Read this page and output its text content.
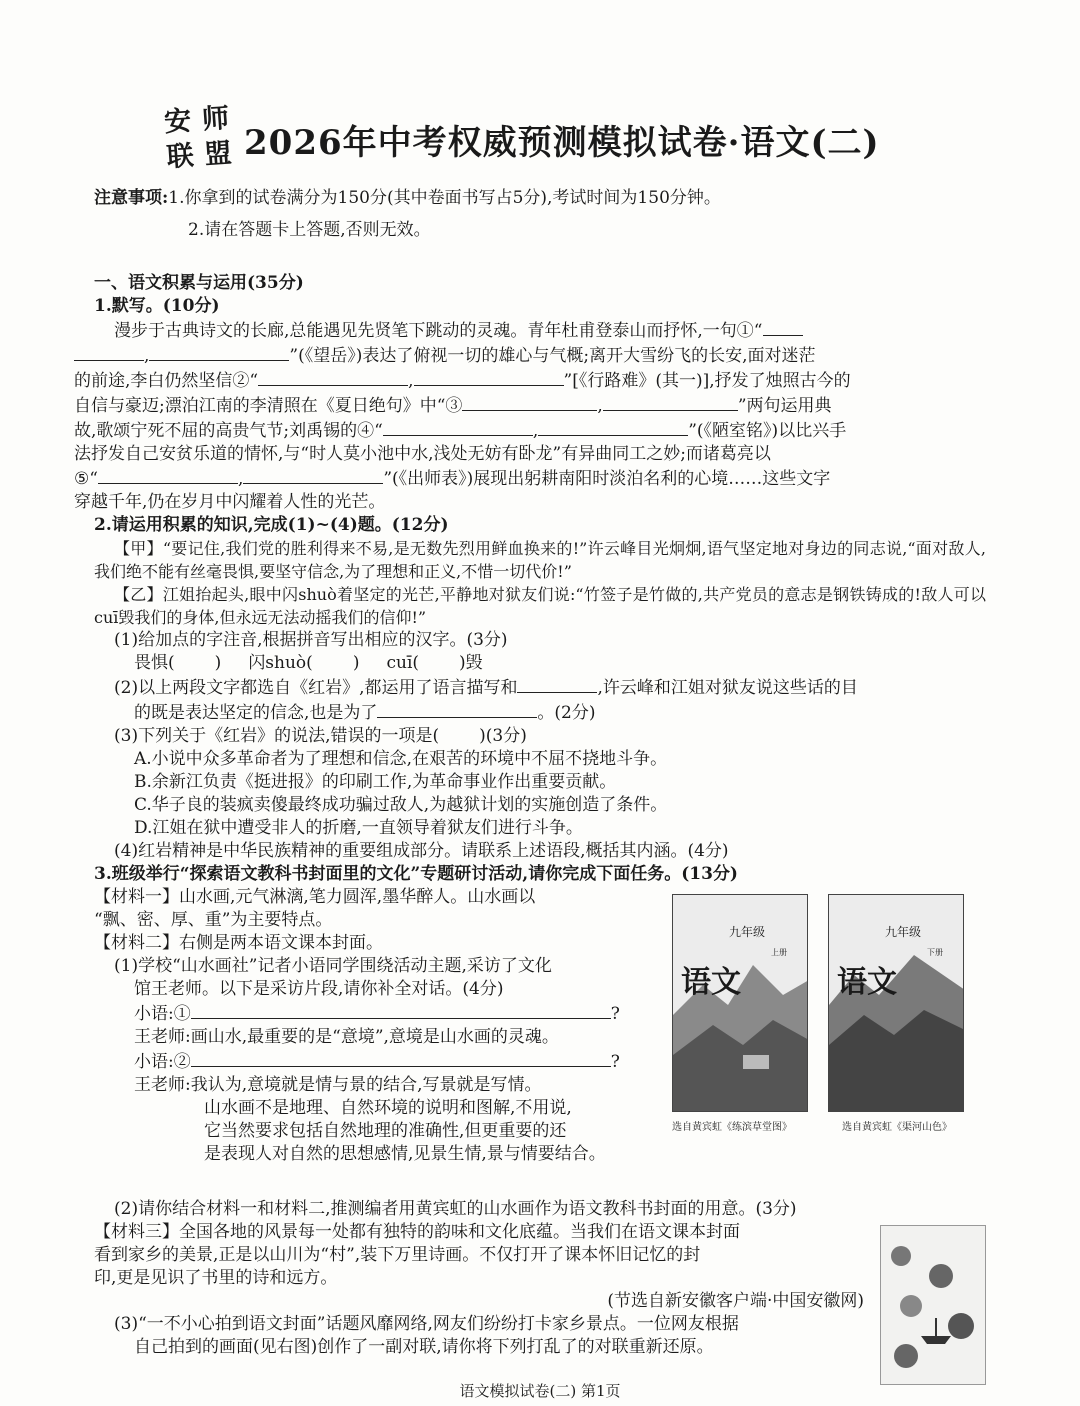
安 师
联 盟 2026年中考权威预测模拟试卷·语文(二)
注意事项:1.你拿到的试卷满分为150分(其中卷面书写占5分),考试时间为150分钟。
2.请在答题卡上答题,否则无效。
一、语文积累与运用(35分)
1.默写。(10分)
漫步于古典诗文的长廊,总能遇见先贤笔下跳动的灵魂。青年杜甫登泰山而抒怀,一句①“
,	”(《望岳》)表达了俯视一切的雄心与气概;离开大雪纷飞的长安,面对迷茫
的前途,李白仍然坚信②“	,	”[《行路难》(其一)],抒发了烛照古今的
自信与豪迈;漂泊江南的李清照在《夏日绝句》中“③	,	”两句运用典
故,歌颂宁死不屈的高贵气节;刘禹锡的④“	,	”(《陋室铭》)以比兴手
法抒发自己安贫乐道的情怀,与“时人莫小池中水,浅处无妨有卧龙”有异曲同工之妙;而诸葛亮以
⑤“	,	”(《出师表》)展现出躬耕南阳时淡泊名利的心境……这些文字
穿越千年,仍在岁月中闪耀着人性的光芒。
2.请运用积累的知识,完成(1)~(4)题。(12分)
【甲】“要记住,我们党的胜利得来不易,是无数先烈用鲜血换来的!”许云峰目光炯炯,语气坚定地对身边的同志说,“面对敌人,我们绝不能有丝毫畏惧,要坚守信念,为了理想和正义,不惜一切代价!”
【乙】江姐抬起头,眼中闪shuò着坚定的光芒,平静地对狱友们说:“竹签子是竹做的,共产党员的意志是钢铁铸成的!敌人可以cuī毁我们的身体,但永远无法动摇我们的信仰!”
(1)给加点的字注音,根据拼音写出相应的汉字。(3分)
畏惧( ) 闪shuò( ) cuī( )毁
(2)以上两段文字都选自《红岩》,都运用了语言描写和	,许云峰和江姐对狱友说这些话的目
的既是表达坚定的信念,也是为了	。(2分)
(3)下列关于《红岩》的说法,错误的一项是( )(3分)
A.小说中众多革命者为了理想和信念,在艰苦的环境中不屈不挠地斗争。
B.余新江负责《挺进报》的印刷工作,为革命事业作出重要贡献。
C.华子良的装疯卖傻最终成功骗过敌人,为越狱计划的实施创造了条件。
D.江姐在狱中遭受非人的折磨,一直领导着狱友们进行斗争。
(4)红岩精神是中华民族精神的重要组成部分。请联系上述语段,概括其内涵。(4分)
3.班级举行“探索语文教科书封面里的文化”专题研讨活动,请你完成下面任务。(13分)
【材料一】山水画,元气淋漓,笔力圆浑,墨华醉人。山水画以
“飘、密、厚、重”为主要特点。
【材料二】右侧是两本语文课本封面。
(1)学校“山水画社”记者小语同学围绕活动主题,采访了文化
馆王老师。以下是采访片段,请你补全对话。(4分)
小语:①	?
王老师:画山水,最重要的是“意境”,意境是山水画的灵魂。
小语:②	?
王老师:我认为,意境就是情与景的结合,写景就是写情。
山水画不是地理、自然环境的说明和图解,不用说,
它当然要求包括自然地理的准确性,但更重要的还
是表现人对自然的思想感情,见景生情,景与情要结合。
九年级
上册
语文
九年级
下册
语文
选自黄宾虹《练滨草堂图》	选自黄宾虹《渠河山色》
(2)请你结合材料一和材料二,推测编者用黄宾虹的山水画作为语文教科书封面的用意。(3分)
【材料三】全国各地的风景每一处都有独特的韵味和文化底蕴。当我们在语文课本封面
看到家乡的美景,正是以山川为“村”,装下万里诗画。不仅打开了课本怀旧记忆的封
印,更是见识了书里的诗和远方。
(节选自新安徽客户端·中国安徽网)
(3)“一不小心拍到语文封面”话题风靡网络,网友们纷纷打卡家乡景点。一位网友根据
自己拍到的画面(见右图)创作了一副对联,请你将下列打乱了的对联重新还原。
语文模拟试卷(二) 第1页
